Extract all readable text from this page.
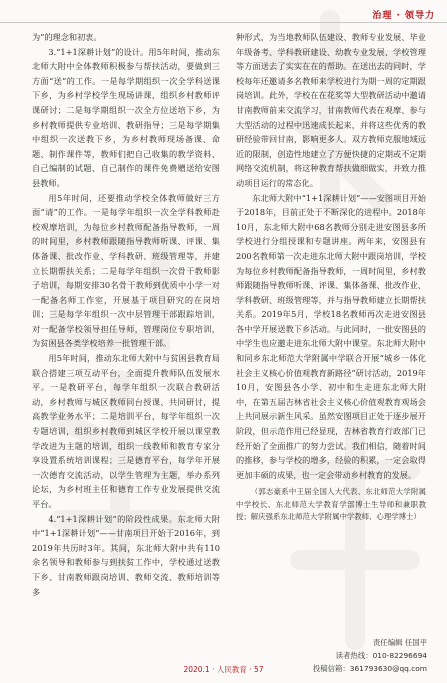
治理 · 领导力

为”的理念和初衷。

3.“1+1深耕计划”的设计。用5年时间，推动东北师大附中全体教师积极参与帮扶活动，要做到三方面“送”的工作。一是每学期组织一次全学科送课下乡，为乡村学校学生现场讲课，组织乡村教师评课研讨；二是每学期组织一次全方位送培下乡，为乡村教师提供专业培训、教研指导；三是每学期集中组织一次送教下乡，为乡村教师现场备课、命题、制作课件等，教师们把自己收集的教学资料、自己编制的试题、自己制作的课件免费赠送给安图县教师。

用5年时间，还要推动学校全体教师做好三方面“请”的工作。一是每学年组织一次全学科教师赴校观摩培训，为每位乡村教师配备指导教师，一周的时间里，乡村教师跟随指导教师听课、评课、集体备课、批改作业、学科教研、班级管理等，并建立长期帮扶关系；二是每学年组织一次骨干教师影子培训，每期安排30名骨干教师到优质中小学一对一配备名师工作室，开展基于项目研究的在岗培训；三是每学年组织一次中层管理干部跟踪培训，对一配备学校领导担任导师，管理岗位专职培训，为贫困县各类学校培养一批管理干部。

用5年时间，推动东北师大附中与贫困县教育局联合搭建三项互动平台，全面提升教师队伍发展水平。一是教研平台，每学年组织一次联合教研活动，乡村教师与城区教师同台授课、共同研讨，提高教学业务水平；二是培训平台，每学年组织一次专题培训，组织乡村教师到城区学校开展以课堂教学改进为主题的培训，组织一线教师和教育专家分享设置系统培训课程；三是德育平台，每学年开展一次德育交流活动，以学生管理为主题，举办系列论坛，为乡村班主任和德育工作专业发展提供交流平台。

4.“1+1深耕计划”的阶段性成果。东北师大附中“1+1深耕计划”——甘南项目开始于2016年，到2019年共历时3年。其间，东北师大附中共有110余名领导和教师参与到扶贫工作中，学校通过送教下乡、甘南教师跟岗培训、教师交流、教师培训等多

种形式，为当地教师队伍建设、教师专业发展、毕业年级备考、学科教研建设、幼教专业发展、学校管理等方面送去了实实在在的帮助。在送出去的同时，学校每年还邀请多名教师来学校进行为期一周的定期跟岗培训。此外，学校在在花奖等大型教研活动中邀请甘南教师前来交流学习，甘南教师代表在观摩、参与大型活动的过程中迅速成长起来，并将这些优秀的教研经验带回甘南，影响更多人。双方教师克服地域远近的限制，创造性地建立了方便快捷的定期或不定期网络交流机制，将这种教育帮扶做细做实，并致力推动项目运行的常态化。

东北师大附中“1+1深耕计划”——安图项目开始于2018年，目前正处于不断深化的进程中。2018年10月，东北师大附中68名教师分别走进安图县多所学校进行分组授课和专题讲座。两年来，安图县有200名教师第一次走进东北师大附中跟岗培训，学校为每位乡村教师配备指导教师，一周时间里，乡村教师跟随指导教师听课、评课、集体备课、批改作业、学科教研、班级管理等，并与指导教师建立长期帮扶关系。2019年5月，学校18名教师再次走进安图县各中学开展送教下乡活动。与此同时，一批安图县的中学生也应邀走进东北师大附中课堂。东北师大附中和同乡东北师范大学附属中学联合开展“城乡一体化社会主义核心价值观教育新路径”研讨活动，2019年10月，安图县各小学、初中和生走进东北师大附中，在第五届吉林省社会主义核心价值观教育观场会上共同展示新生风采。虽然安图项目正处于逐步展开阶段，但示范作用已经显现，吉林省教育行政部门已经开始了全面推广的努力尝试。我们相信，随着时间的推移，参与学校的增多，经验的积累，一定会取得更加丰硕的成果，也一定会带动乡村教育的发展。

（郭志豪系中王届全国人大代表、东北师范大学附属中学校长、东北师范大学教育学部博士生导师和兼职教授；解庆强系东北师范大学附属中学教师、心理学博士）

责任编辑 任国平
读者热线：010-82296694
投稿信箱：361793630@qq.com
2020.1 · 人民教育 · 57
